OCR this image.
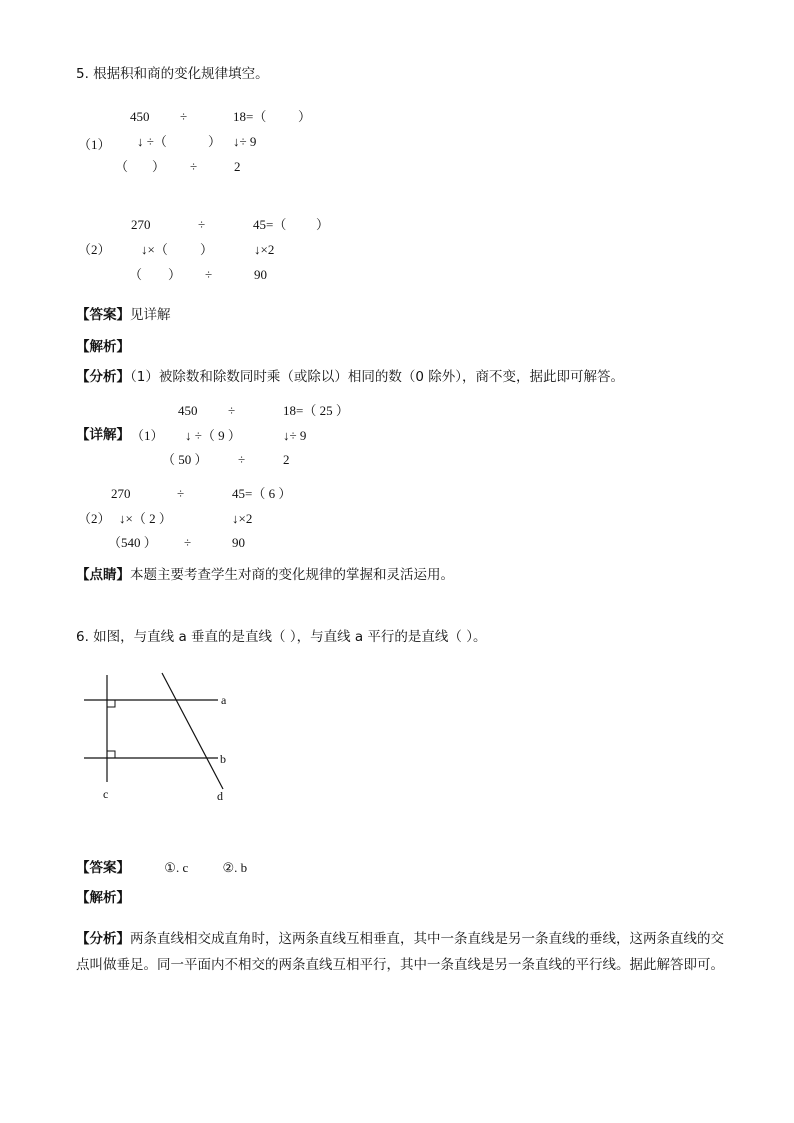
5. 根据积和商的变化规律填空。
450 ÷	18=（ ）
（1） ↓ ÷（	） ↓÷ 9
（ ） ÷	2
270	÷	45=（ ）
（2） ↓×（ ）	↓×2
（ ） ÷	90
【答案】见详解
【解析】
【分析】（1）被除数和除数同时乘（或除以）相同的数（0 除外），商不变，据此即可解答。
450 ÷	18=（ 25 ）
【详解】 （1） ↓ ÷（ 9 ）	↓÷ 9
（ 50 ） ÷	2
270	÷	45=（ 6 ）
（2） ↓×（ 2 ）	↓×2
（540 ） ÷	90
【点睛】本题主要考查学生对商的变化规律的掌握和灵活运用。
6. 如图，与直线 a 垂直的是直线（ ），与直线 a 平行的是直线（ ）。
a
b
c	d
【答案】	①. c	②. b
【解析】
【分析】两条直线相交成直角时，这两条直线互相垂直，其中一条直线是另一条直线的垂线，这两条直线的交点叫做垂足。同一平面内不相交的两条直线互相平行，其中一条直线是另一条直线的平行线。据此解答即可。
